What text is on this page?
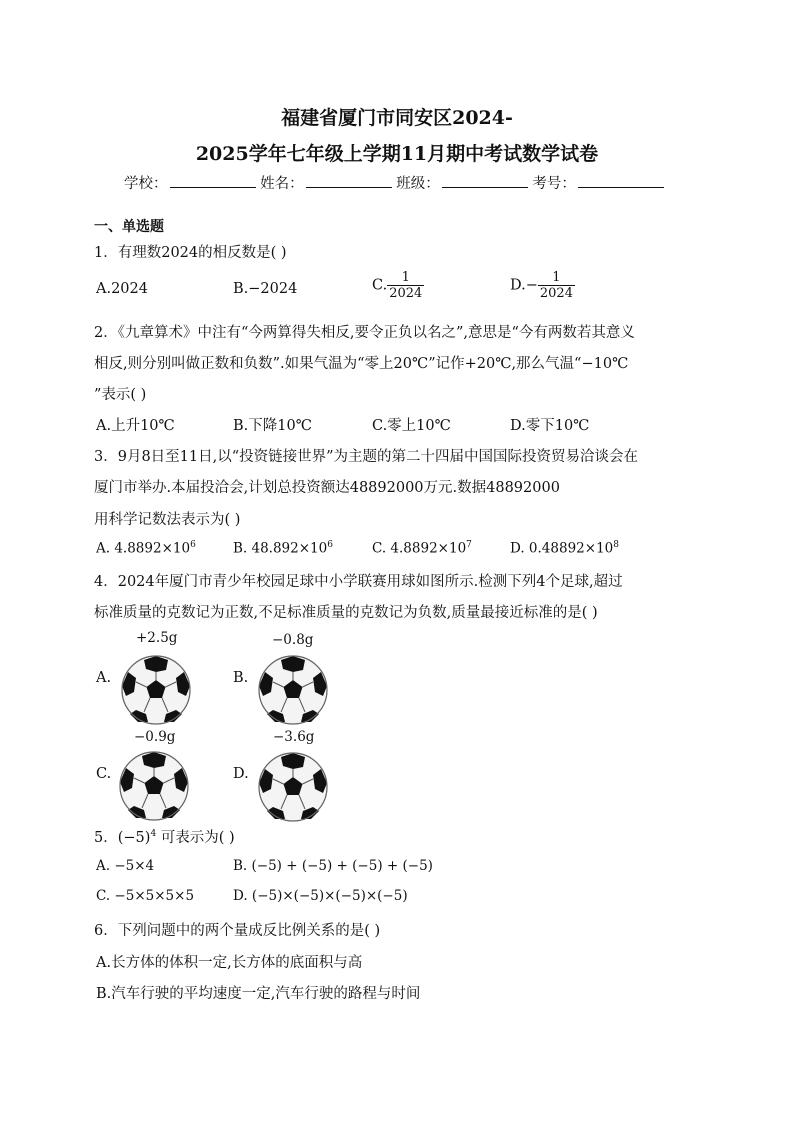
福建省厦门市同安区2024-
2025学年七年级上学期11月期中考试数学试卷
学校：	姓名：	班级：	考号：
一、单选题
1．有理数2024的相反数是( )
A.2024	B.−2024	C. $\frac{1}{2024}$	$D.- \frac{1}{2024}$
2．《九章算术》中注有“今两算得失相反,要令正负以名之”,意思是“今有两数若其意义
相反,则分别叫做正数和负数”.如果气温为“零上20℃”记作+20℃,那么气温“−10℃
”表示( )
A.上升10℃	B.下降10℃	C.零上10℃	D.零下10℃
3．9月8日至11日,以“投资链接世界”为主题的第二十四届中国国际投资贸易洽谈会在
厦门市举办.本届投洽会,计划总投资额达48892000万元.数据48892000
用科学记数法表示为( )
A. $4.8892\times 10^6$	B. $48.892\times 10^6$	C. $4.8892\times 10^7$	D. $0.48892\times 10^8$
4．2024年厦门市青少年校园足球中小学联赛用球如图所示.检测下列4个足球,超过
标准质量的克数记为正数,不足标准质量的克数记为负数,质量最接近标准的是( )
+2.5g
A.
−0.8g
B.
−0.9g
C.
−3.6g
D.
5．$(-5)^4$ 可表示为( )
A. −5×4	B. (−5) + (−5) + (−5) + (−5)
C. −5×5×5×5	D. (−5)×(−5)×(−5)×(−5)
6．下列问题中的两个量成反比例关系的是( )
A.长方体的体积一定,长方体的底面积与高
B.汽车行驶的平均速度一定,汽车行驶的路程与时间
